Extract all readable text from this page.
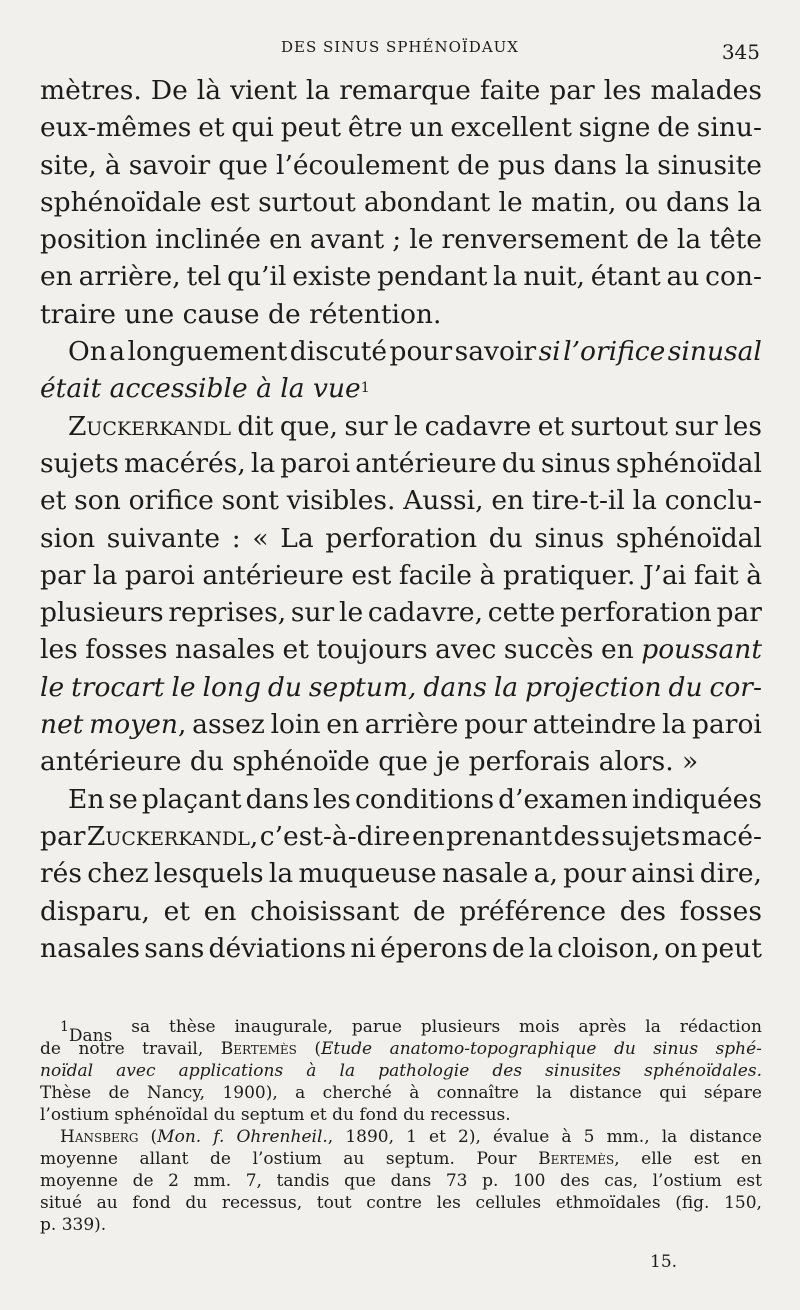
DES SINUS SPHÉNOÏDAUX	345
mètres. De là vient la remarque faite par les malades
eux-mêmes et qui peut être un excellent signe de sinu-
site, à savoir que l’écoulement de pus dans la sinusite
sphénoïdale est surtout abondant le matin, ou dans la
position inclinée en avant ; le renversement de la tête
en arrière, tel qu’il existe pendant la nuit, étant au con-
traire une cause de rétention.
On a longuement discuté pour savoir si l’orifice sinusal
était accessible à la vue 1
Zuckerkandl dit que, sur le cadavre et surtout sur les
sujets macérés, la paroi antérieure du sinus sphénoïdal
et son orifice sont visibles. Aussi, en tire-t-il la conclu-
sion suivante : « La perforation du sinus sphénoïdal
par la paroi antérieure est facile à pratiquer. J’ai fait à
plusieurs reprises, sur le cadavre, cette perforation par
les fosses nasales et toujours avec succès en poussant
le trocart le long du septum, dans la projection du cor-
net moyen, assez loin en arrière pour atteindre la paroi
antérieure du sphénoïde que je perforais alors. »
En se plaçant dans les conditions d’examen indiquées
par Zuckerkandl, c’est-à-dire en prenant des sujets macé-
rés chez lesquels la muqueuse nasale a, pour ainsi dire,
disparu, et en choisissant de préférence des fosses
nasales sans déviations ni éperons de la cloison, on peut
$^1$Dans sa thèse inaugurale, parue plusieurs mois après la rédaction
de notre travail, Bertemès (Etude anatomo-topographique du sinus sphé-
noïdal avec applications à la pathologie des sinusites sphénoïdales.
Thèse de Nancy, 1900), a cherché à connaître la distance qui sépare
l’ostium sphénoïdal du septum et du fond du recessus.
Hansberg (Mon. f. Ohrenheil., 1890, 1 et 2), évalue à 5 mm., la distance
moyenne allant de l’ostium au septum. Pour Bertemès, elle est en
moyenne de 2 mm. 7, tandis que dans 73 p. 100 des cas, l’ostium est
situé au fond du recessus, tout contre les cellules ethmoïdales (fig. 150,
p. 339).
15.
